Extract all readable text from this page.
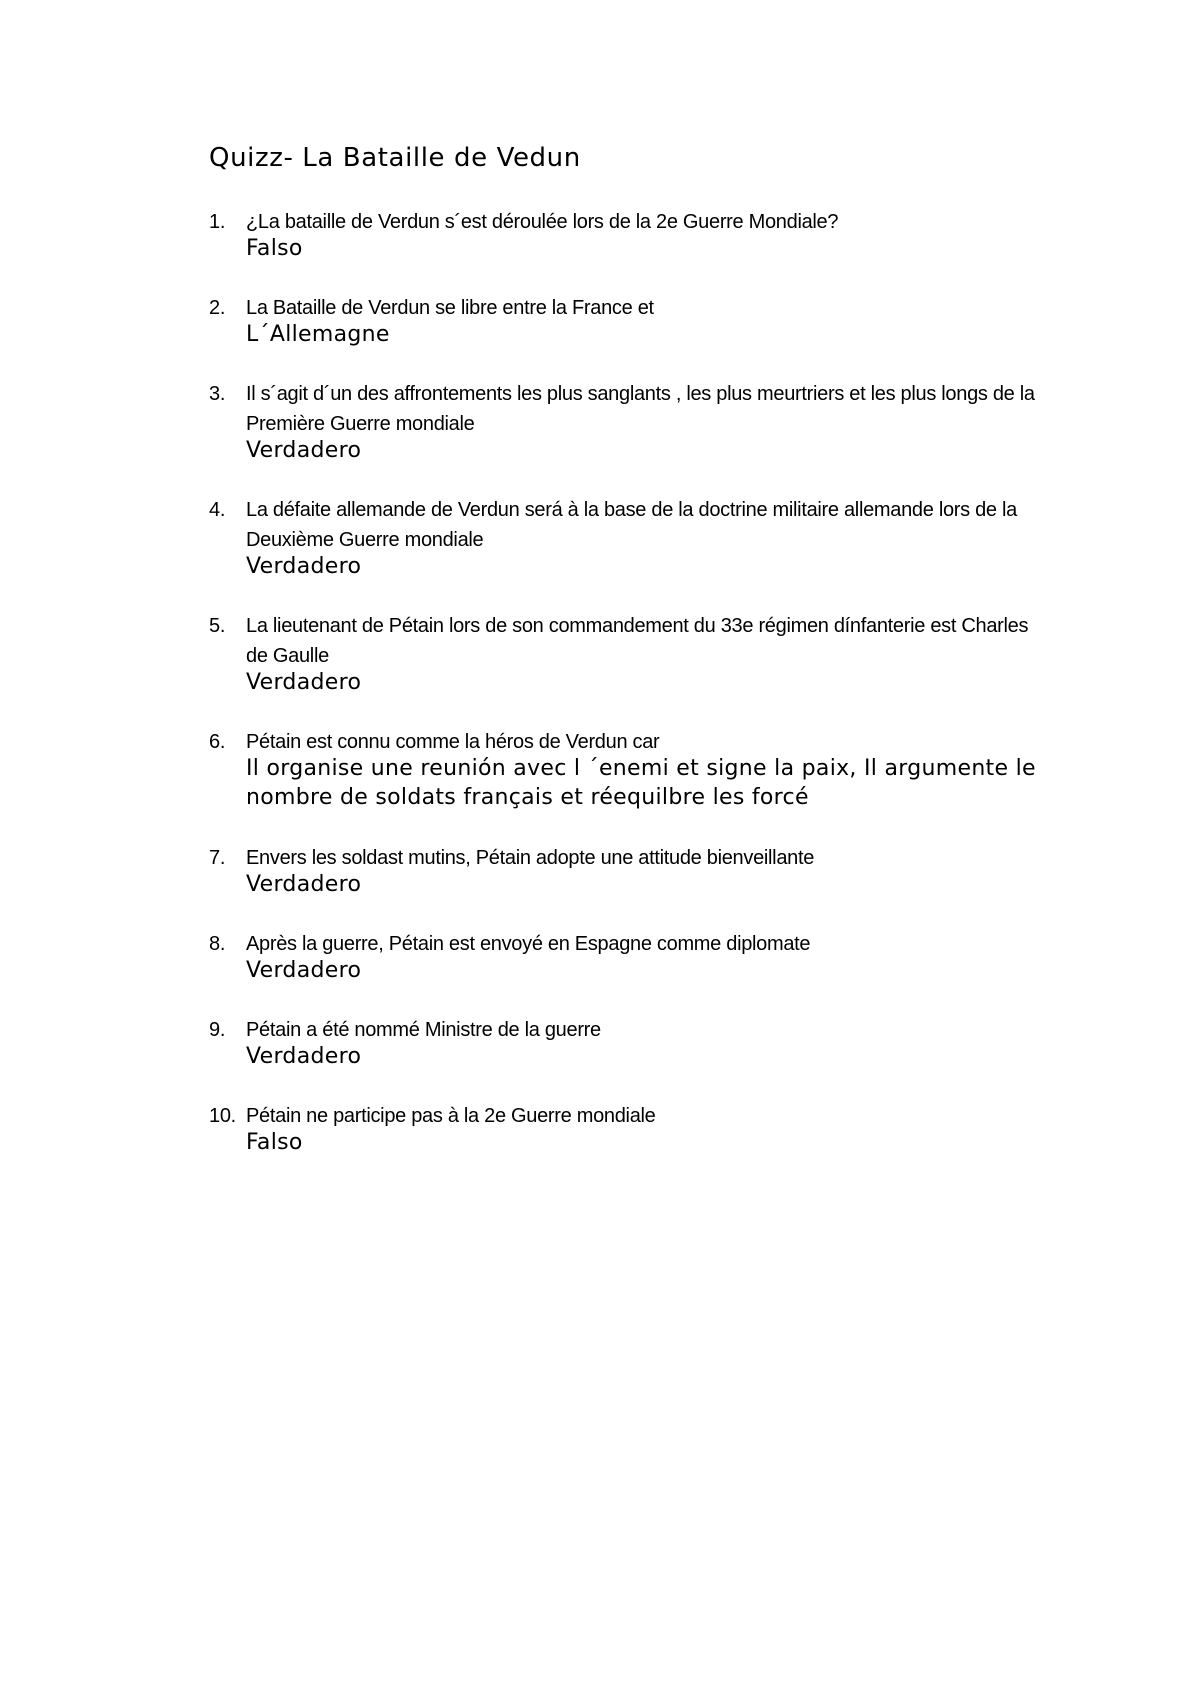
Quizz- La Bataille de Vedun
1. ¿La bataille de Verdun s´est déroulée lors de la 2e Guerre Mondiale?
Falso
2. La Bataille de Verdun se libre entre la France et
L´Allemagne
3. Il s´agit d´un des affrontements les plus sanglants , les plus meurtriers et les plus longs de la Première Guerre mondiale
Verdadero
4. La défaite allemande de Verdun será à la base de la doctrine militaire allemande lors de la Deuxième Guerre mondiale
Verdadero
5. La lieutenant de Pétain lors de son commandement du 33e régimen dínfanterie est Charles de Gaulle
Verdadero
6. Pétain est connu comme la héros de Verdun car
Il organise une reunión avec l ´enemi et signe la paix, Il argumente le nombre de soldats français et réequilbre les forcé
7. Envers les soldast mutins, Pétain adopte une attitude bienveillante
Verdadero
8. Après la guerre, Pétain est envoyé en Espagne comme diplomate
Verdadero
9. Pétain a été nommé Ministre de la guerre
Verdadero
10. Pétain ne participe pas à la 2e Guerre mondiale
Falso
